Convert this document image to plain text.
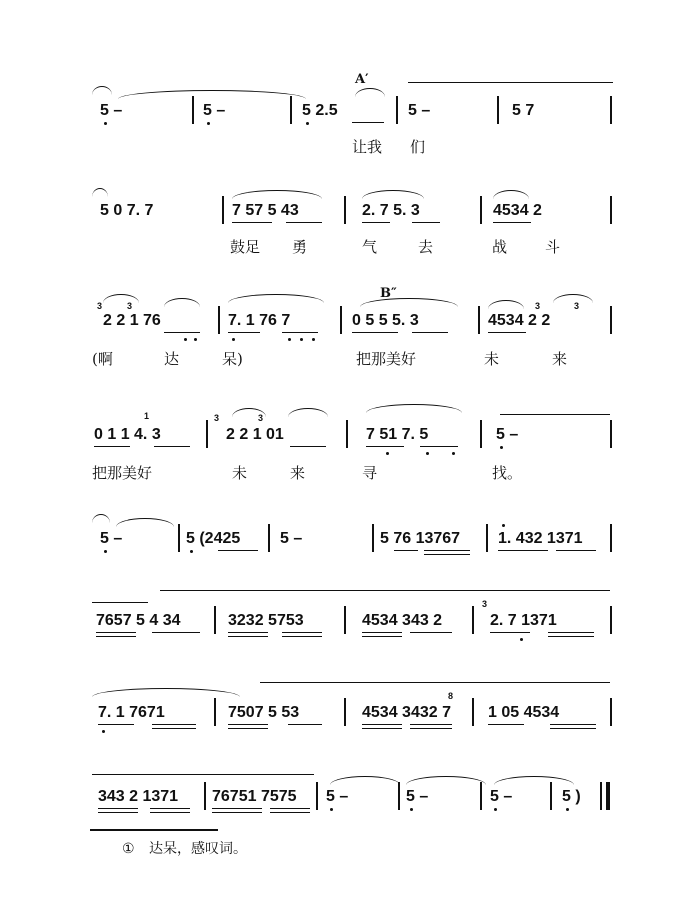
A′
5 –	5 –	5 2.5	5 –	5 7
让我 们
5 0 7. 7	7 57 5 43	2. 7 5. 3	4534 2
鼓足 勇	气	去	战	斗
B″
3	3
2 2 1 76	7. 1 76 7	0 5 5 5. 3	4534 2 2
3	3
(啊	达	呆)	把那美好	未	来
1
0 1 1 4. 3
3	3
2 2 1 01	7 51 7. 5	5 –
把那美好	未	来	寻	找。
5 –	5 (2425 5 –	5 76 13767 1. 432 1371
7657 5 4 34	3232 5753	4534 343 2
3
2. 7 1371
7. 1 7671	7507 5 53
8
4534 3432 7 1 05 4534
343 2 1371 76751 7575 5 –	5 –	5 –	5 )
① 达呆，感叹词。
